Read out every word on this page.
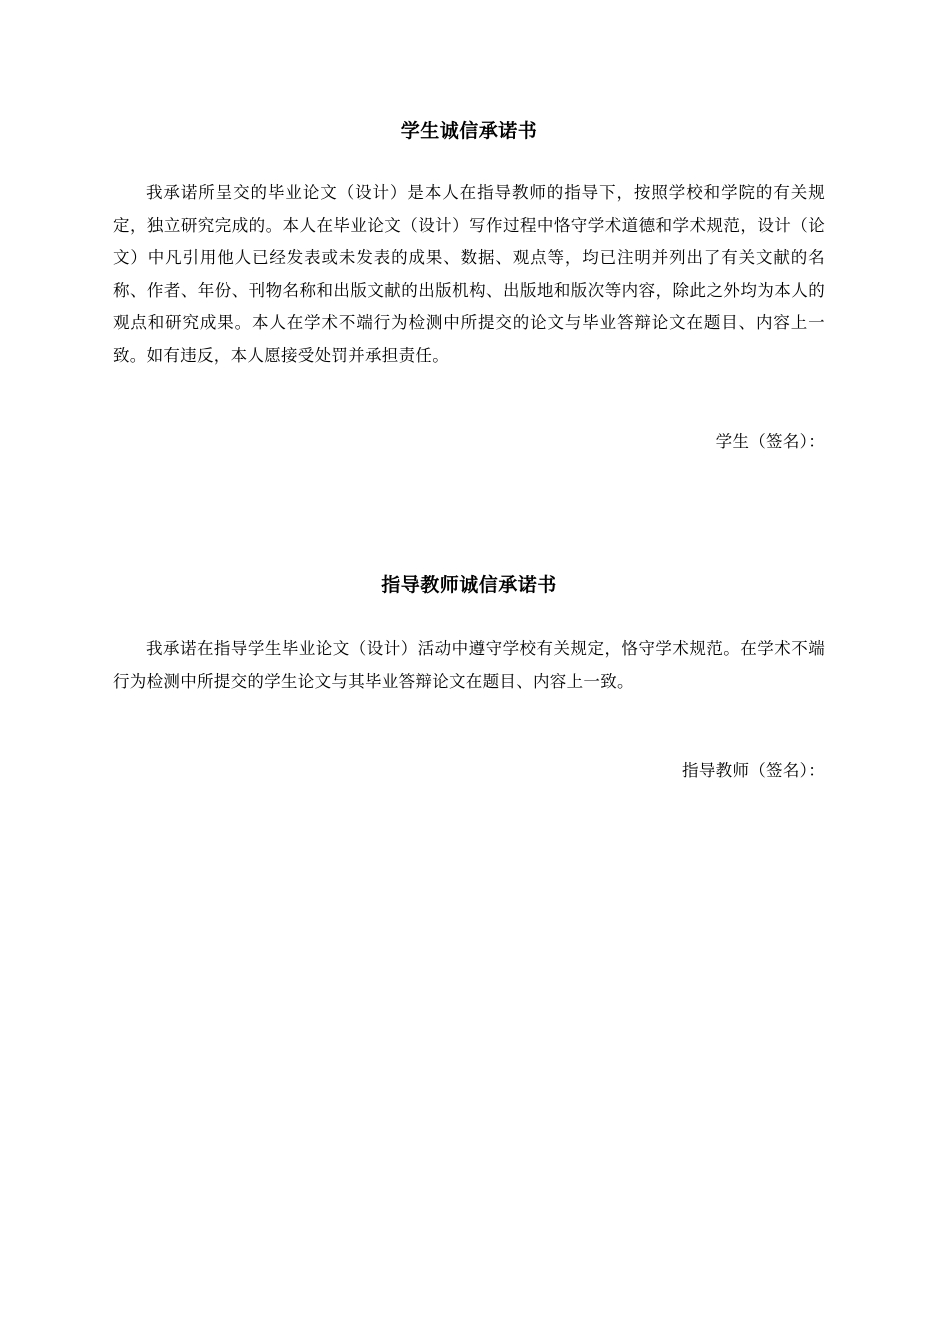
学生诚信承诺书

我承诺所呈交的毕业论文（设计）是本人在指导教师的指导下，按照学校和学院的有关规定，独立研究完成的。本人在毕业论文（设计）写作过程中恪守学术道德和学术规范，设计（论文）中凡引用他人已经发表或未发表的成果、数据、观点等，均已注明并列出了有关文献的名称、作者、年份、刊物名称和出版文献的出版机构、出版地和版次等内容，除此之外均为本人的观点和研究成果。本人在学术不端行为检测中所提交的论文与毕业答辩论文在题目、内容上一致。如有违反，本人愿接受处罚并承担责任。

学生（签名）：

指导教师诚信承诺书

我承诺在指导学生毕业论文（设计）活动中遵守学校有关规定，恪守学术规范。在学术不端行为检测中所提交的学生论文与其毕业答辩论文在题目、内容上一致。

指导教师（签名）：
